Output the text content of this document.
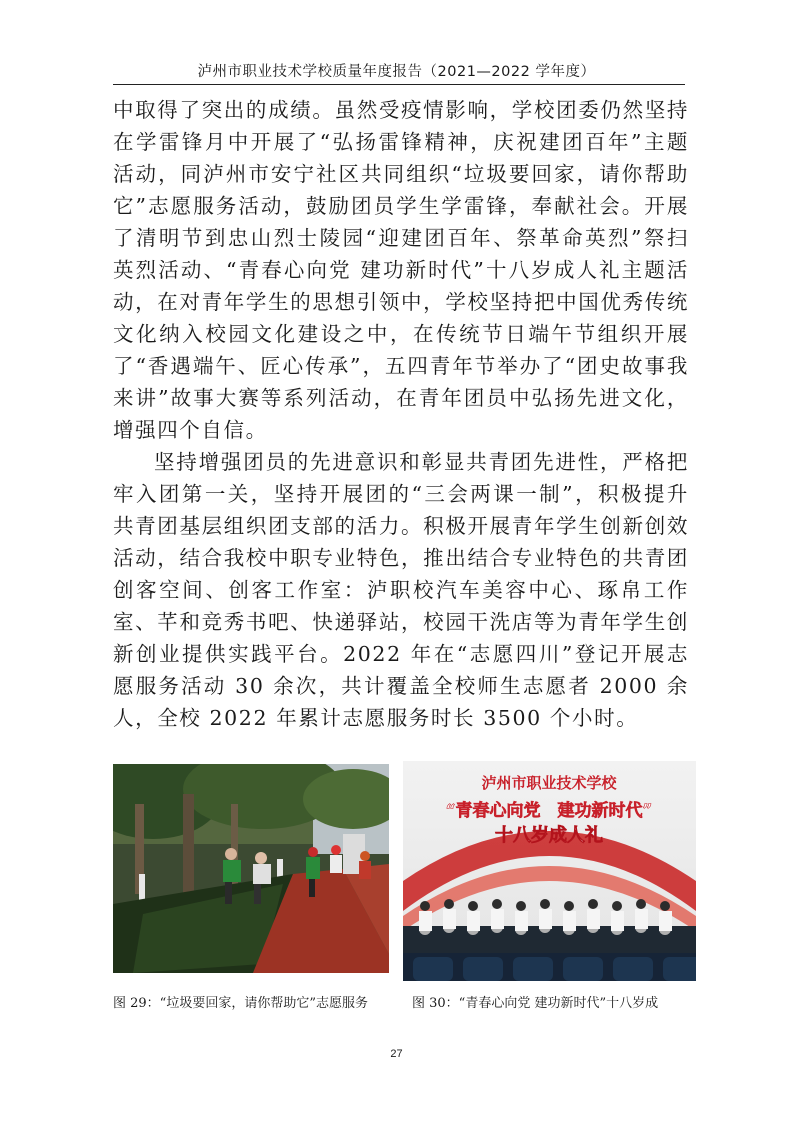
泸州市职业技术学校质量年度报告（2021—2022 学年度）

中取得了突出的成绩。虽然受疫情影响，学校团委仍然坚持在学雷锋月中开展了“弘扬雷锋精神，庆祝建团百年”主题活动，同泸州市安宁社区共同组织“垃圾要回家，请你帮助它”志愿服务活动，鼓励团员学生学雷锋，奉献社会。开展了清明节到忠山烈士陵园“迎建团百年、祭革命英烈”祭扫英烈活动、“青春心向党 建功新时代”十八岁成人礼主题活动，在对青年学生的思想引领中，学校坚持把中国优秀传统文化纳入校园文化建设之中，在传统节日端午节组织开展了“香遇端午、匠心传承”，五四青年节举办了“团史故事我来讲”故事大赛等系列活动，在青年团员中弘扬先进文化，增强四个自信。

坚持增强团员的先进意识和彰显共青团先进性，严格把牢入团第一关，坚持开展团的“三会两课一制”，积极提升共青团基层组织团支部的活力。积极开展青年学生创新创效活动，结合我校中职专业特色，推出结合专业特色的共青团创客空间、创客工作室：泸职校汽车美容中心、琢帛工作室、芊和竞秀书吧、快递驿站，校园干洗店等为青年学生创新创业提供实践平台。2022 年在“志愿四川”登记开展志愿服务活动 30 余次，共计覆盖全校师生志愿者 2000 余人，全校 2022 年累计志愿服务时长 3500 个小时。

泸州市职业技术学校
“青春心向党　建功新时代”
十八岁成人礼
图 29：“垃圾要回家，请你帮助它”志愿服务	图 30：“青春心向党 建功新时代”十八岁成
27
